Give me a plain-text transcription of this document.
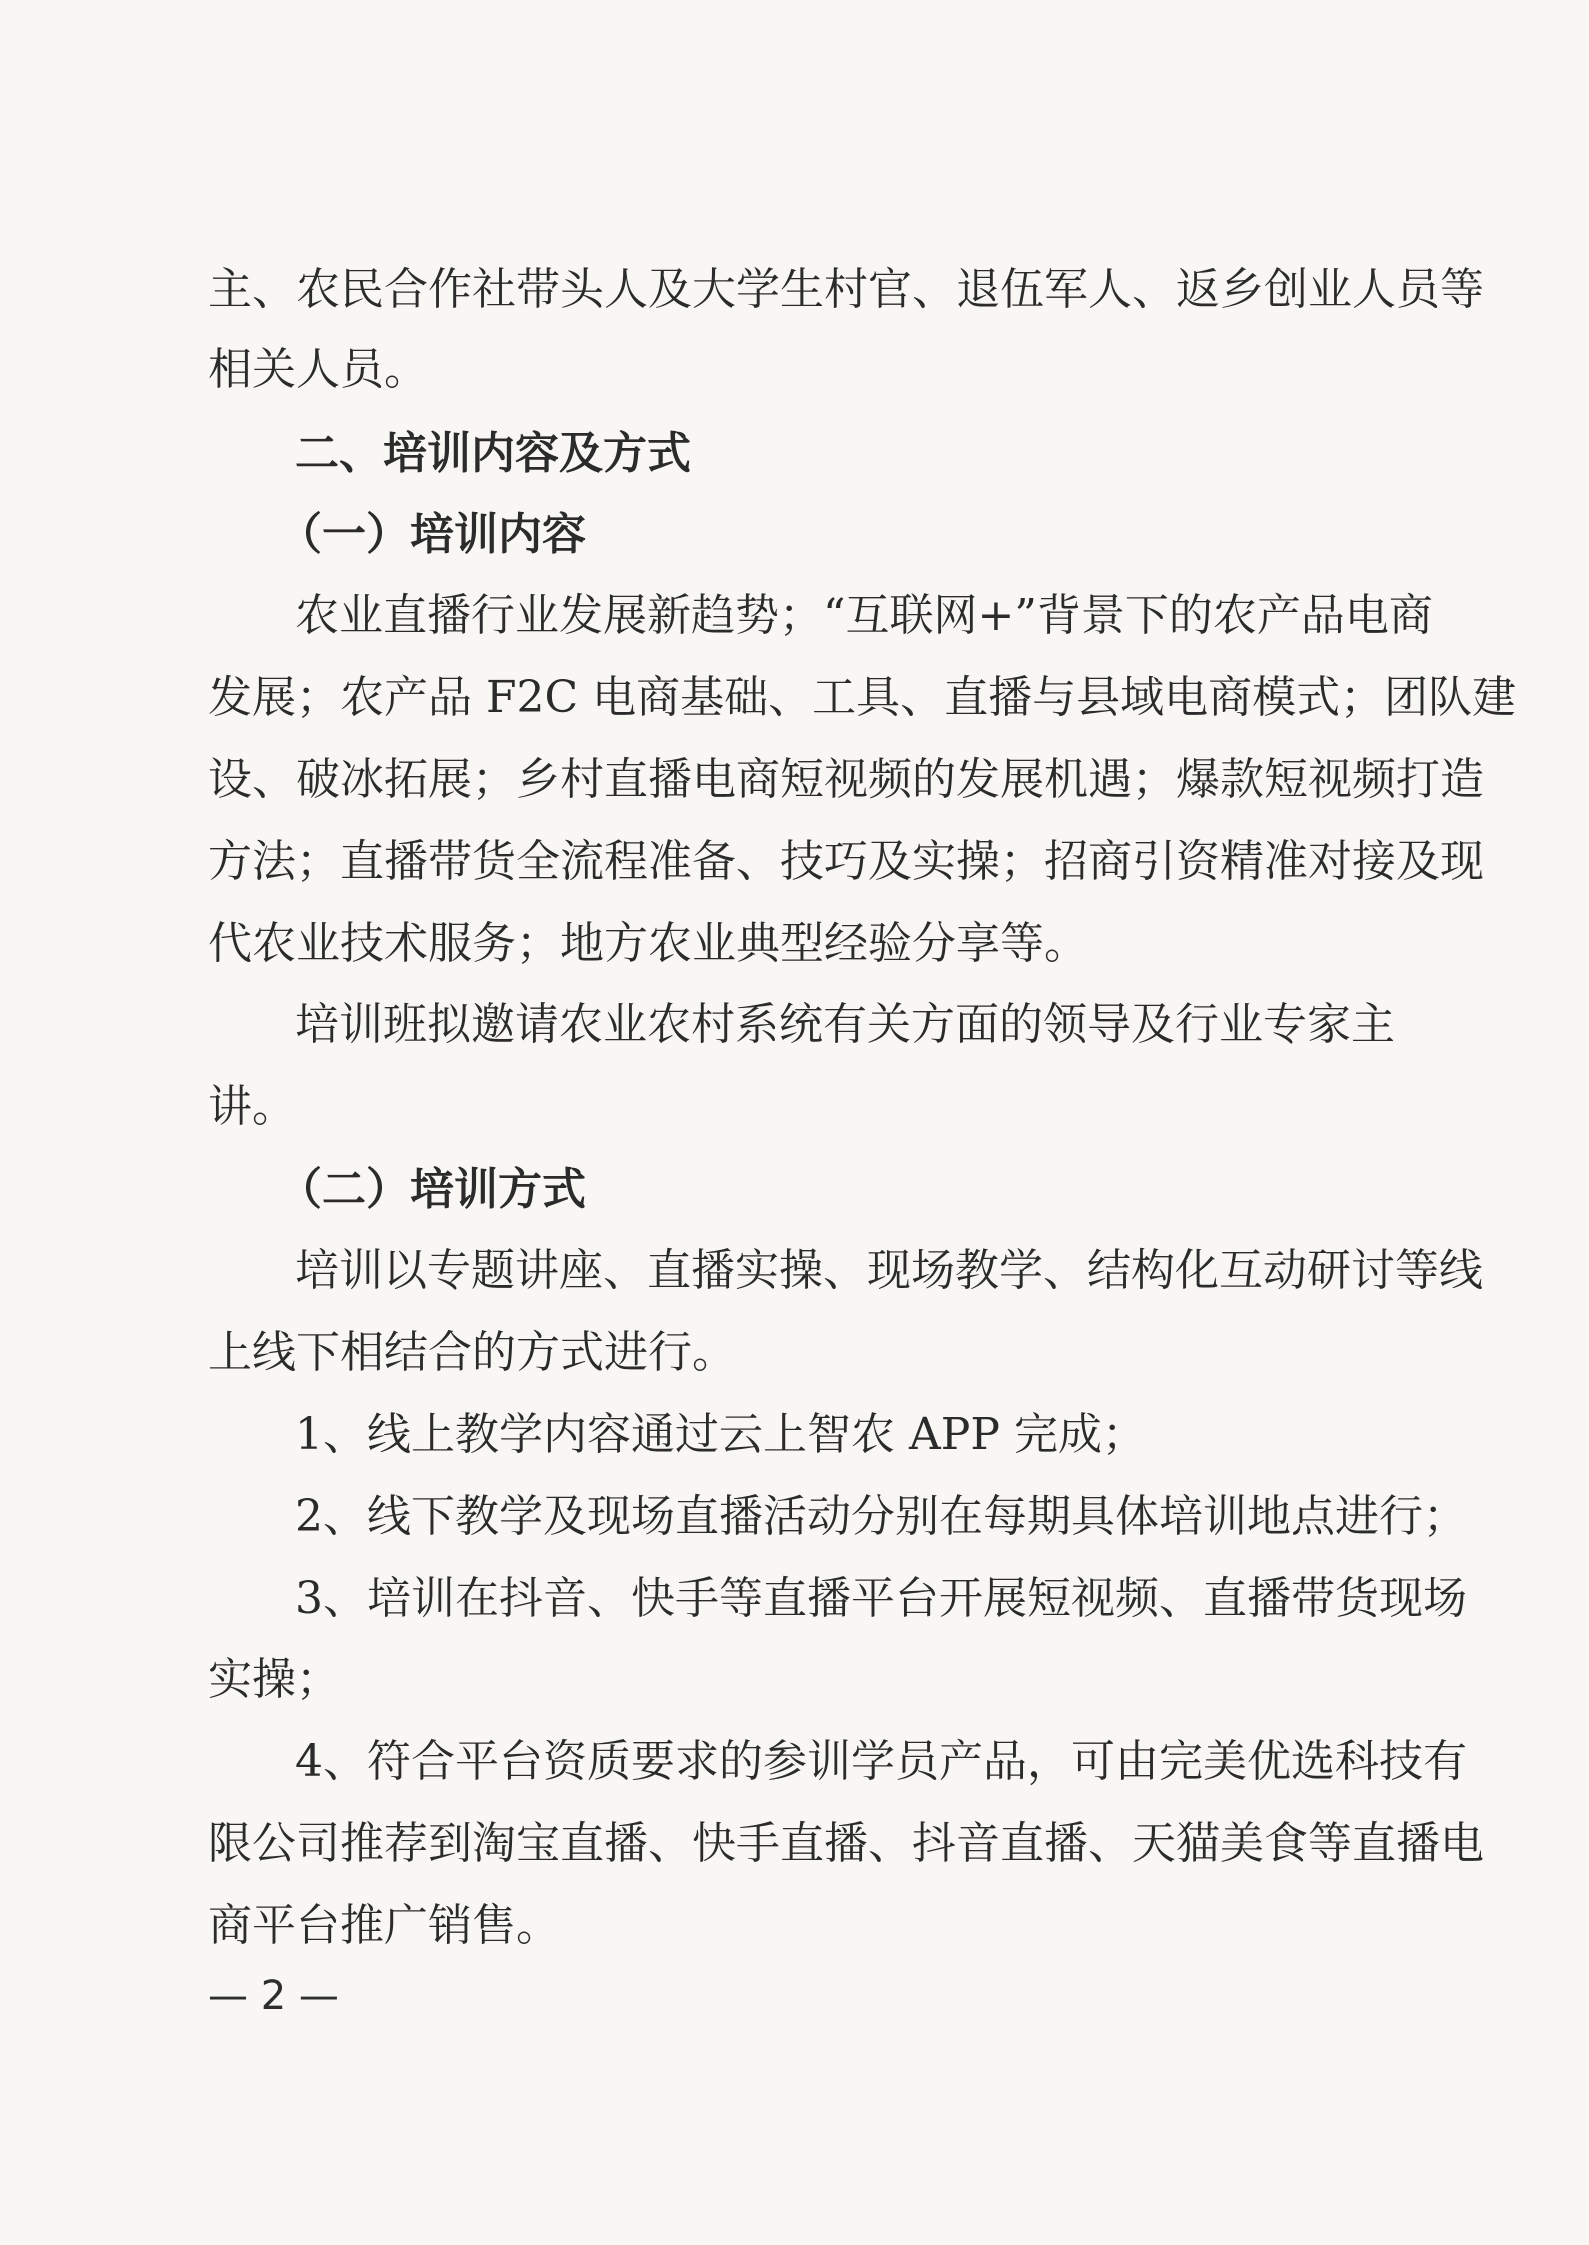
主、农民合作社带头人及大学生村官、退伍军人、返乡创业人员等
相关人员。
二、培训内容及方式
（一）培训内容
农业直播行业发展新趋势；“互联网+”背景下的农产品电商
发展；农产品 F2C 电商基础、工具、直播与县域电商模式；团队建
设、破冰拓展；乡村直播电商短视频的发展机遇；爆款短视频打造
方法；直播带货全流程准备、技巧及实操；招商引资精准对接及现
代农业技术服务；地方农业典型经验分享等。
培训班拟邀请农业农村系统有关方面的领导及行业专家主
讲。
（二）培训方式
培训以专题讲座、直播实操、现场教学、结构化互动研讨等线
上线下相结合的方式进行。
1、线上教学内容通过云上智农 APP 完成；
2、线下教学及现场直播活动分别在每期具体培训地点进行；
3、培训在抖音、快手等直播平台开展短视频、直播带货现场
实操；
4、符合平台资质要求的参训学员产品，可由完美优选科技有
限公司推荐到淘宝直播、快手直播、抖音直播、天猫美食等直播电
商平台推广销售。
— 2 —
